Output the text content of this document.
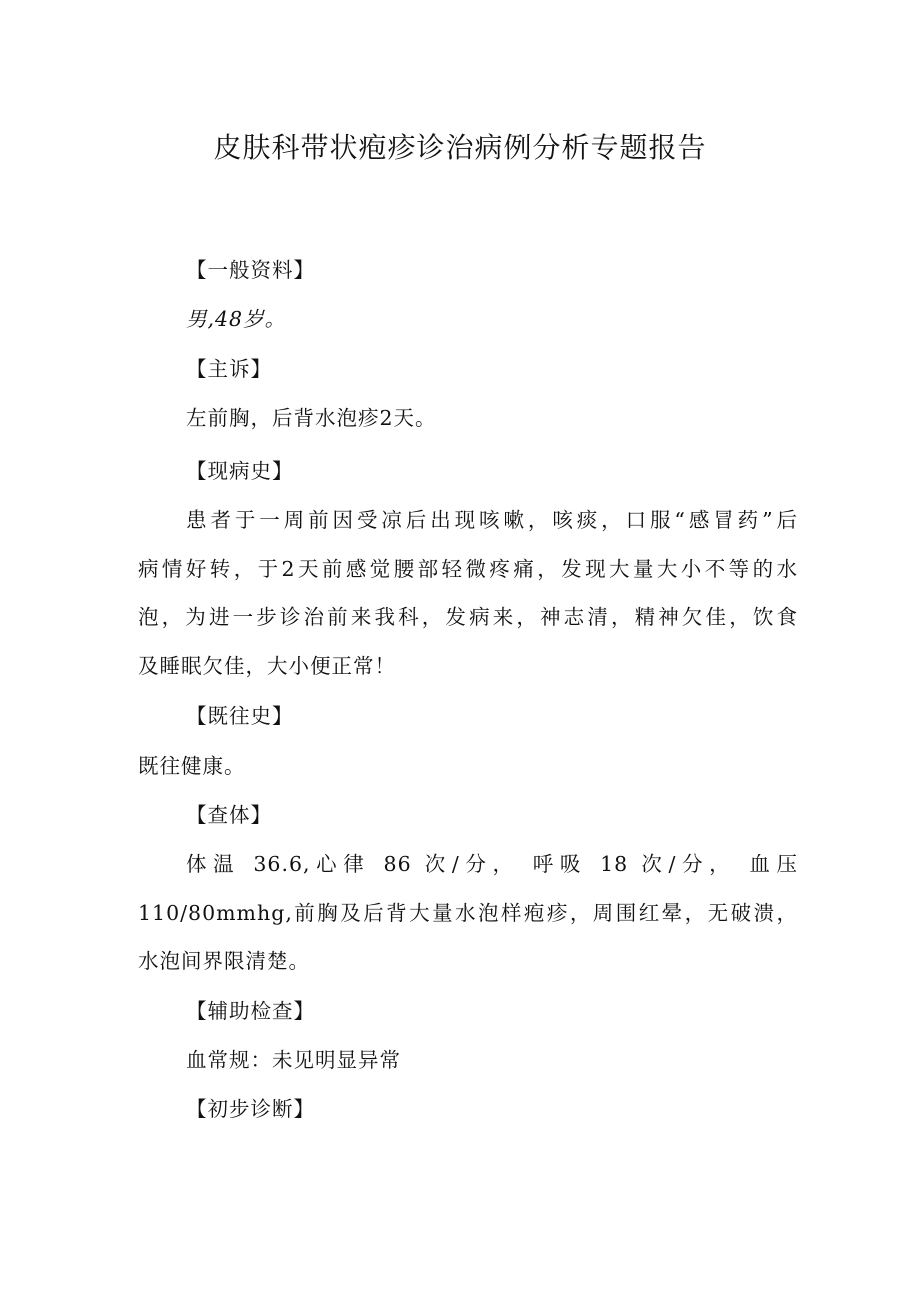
皮肤科带状疱疹诊治病例分析专题报告

【一般资料】

男,48岁。

【主诉】

左前胸，后背水泡疹2天。

【现病史】

患者于一周前因受凉后出现咳嗽，咳痰，口服“感冒药”后

病情好转，于2天前感觉腰部轻微疼痛，发现大量大小不等的水

泡，为进一步诊治前来我科，发病来，神志清，精神欠佳，饮食

及睡眠欠佳，大小便正常！

【既往史】

既往健康。

【查体】

体温 36.6,心律 86 次/分， 呼吸 18 次/分， 血压

110/80mmhg,前胸及后背大量水泡样疱疹，周围红晕，无破溃，

水泡间界限清楚。

【辅助检查】

血常规：未见明显异常

【初步诊断】
